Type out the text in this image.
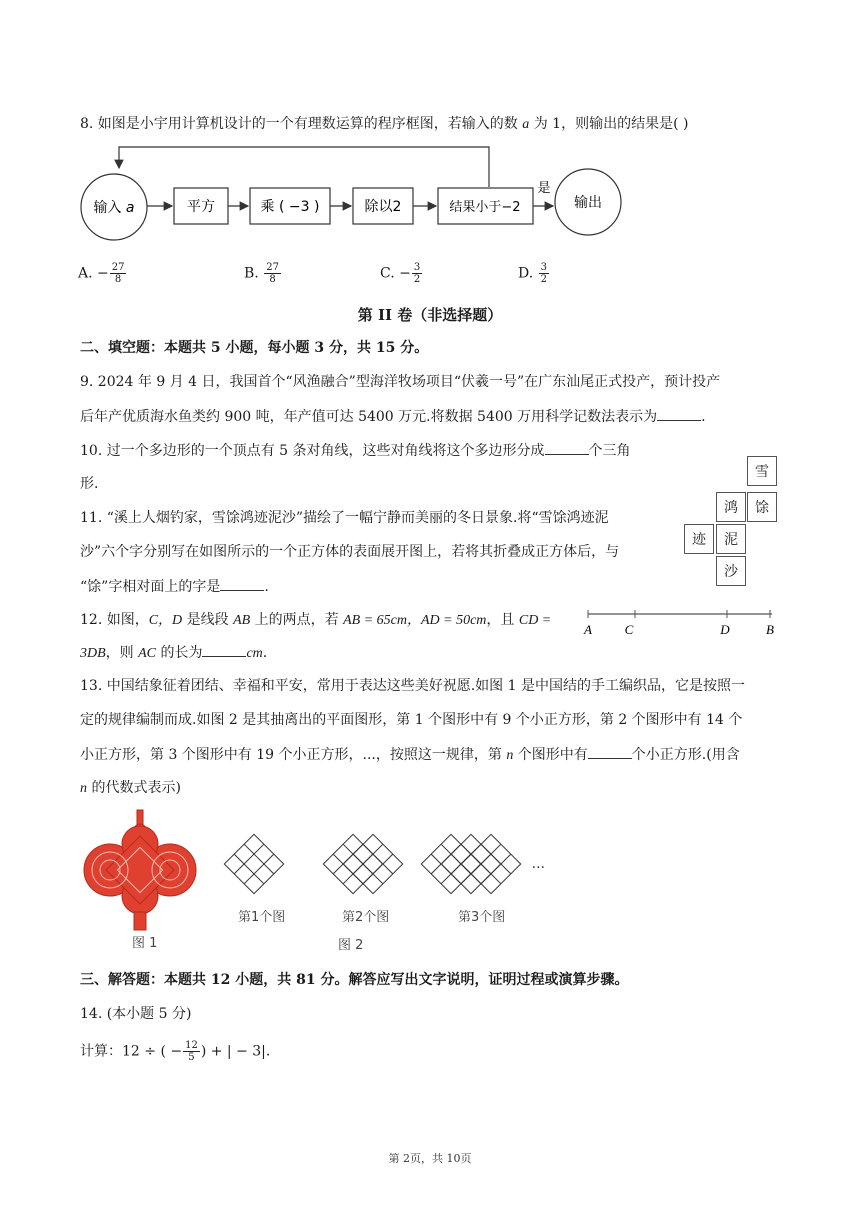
8. 如图是小宇用计算机设计的一个有理数运算的程序框图，若输入的数 a 为 1，则输出的结果是( )
输入 a	平方	乘 ( −3 )	除以2	结果小于−2
是
输出
A. − $\frac{27}{8}$	B. $\frac{27}{8}$	C. − $\frac{3}{2}$	D. $\frac{3}{2}$
第 II 卷（非选择题）
二、填空题：本题共 5 小题，每小题 3 分，共 15 分。
9. 2024 年 9 月 4 日，我国首个“风渔融合”型海洋牧场项目“伏羲一号”在广东汕尾正式投产，预计投产
后年产优质海水鱼类约 900 吨，年产值可达 5400 万元.将数据 5400 万用科学记数法表示为	.
10. 过一个多边形的一个顶点有 5 条对角线，这些对角线将这个多边形分成	个三角
形.
11. “溪上人烟钓家，雪馀鸿迹泥沙”描绘了一幅宁静而美丽的冬日景象.将“雪馀鸿迹泥
沙”六个字分别写在如图所示的一个正方体的表面展开图上，若将其折叠成正方体后，与
“馀”字相对面上的字是	.
雪
鸿	馀
迹	泥
沙
12. 如图，C，D 是线段 AB 上的两点，若 AB = 65cm，AD = 50cm，且 CD =
3DB，则 AC 的长为	cm.
A	C	D	B
13. 中国结象征着团结、幸福和平安，常用于表达这些美好祝愿.如图 1 是中国结的手工编织品，它是按照一
定的规律编制而成.如图 2 是其抽离出的平面图形，第 1 个图形中有 9 个小正方形，第 2 个图形中有 14 个
小正方形，第 3 个图形中有 19 个小正方形，...，按照这一规律，第 n 个图形中有	个小正方形.(用含
n 的代数式表示)
图 1
...
第1个图	第2个图	第3个图
图 2
三、解答题：本题共 12 小题，共 81 分。解答应写出文字说明，证明过程或演算步骤。
14. (本小题 5 分)
计算：12 ÷ ( − $\frac{12}{5}$ ) + | − 3|.
第 2页，共 10页
